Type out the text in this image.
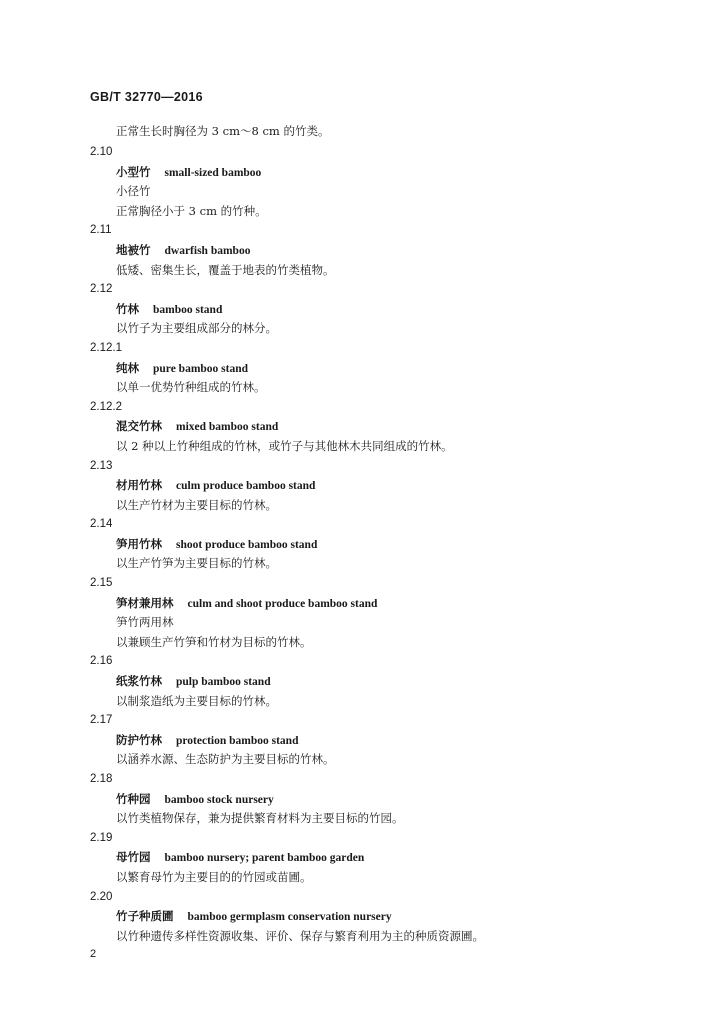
GB/T 32770—2016
正常生长时胸径为 3 cm～8 cm 的竹类。
2.10
小型竹 small-sized bamboo
小径竹
正常胸径小于 3 cm 的竹种。
2.11
地被竹 dwarfish bamboo
低矮、密集生长，覆盖于地表的竹类植物。
2.12
竹林 bamboo stand
以竹子为主要组成部分的林分。
2.12.1
纯林 pure bamboo stand
以单一优势竹种组成的竹林。
2.12.2
混交竹林 mixed bamboo stand
以 2 种以上竹种组成的竹林，或竹子与其他林木共同组成的竹林。
2.13
材用竹林 culm produce bamboo stand
以生产竹材为主要目标的竹林。
2.14
笋用竹林 shoot produce bamboo stand
以生产竹笋为主要目标的竹林。
2.15
笋材兼用林 culm and shoot produce bamboo stand
笋竹两用林
以兼顾生产竹笋和竹材为目标的竹林。
2.16
纸浆竹林 pulp bamboo stand
以制浆造纸为主要目标的竹林。
2.17
防护竹林 protection bamboo stand
以涵养水源、生态防护为主要目标的竹林。
2.18
竹种园 bamboo stock nursery
以竹类植物保存，兼为提供繁育材料为主要目标的竹园。
2.19
母竹园 bamboo nursery; parent bamboo garden
以繁育母竹为主要目的的竹园或苗圃。
2.20
竹子种质圃 bamboo germplasm conservation nursery
以竹种遗传多样性资源收集、评价、保存与繁育利用为主的种质资源圃。
2
